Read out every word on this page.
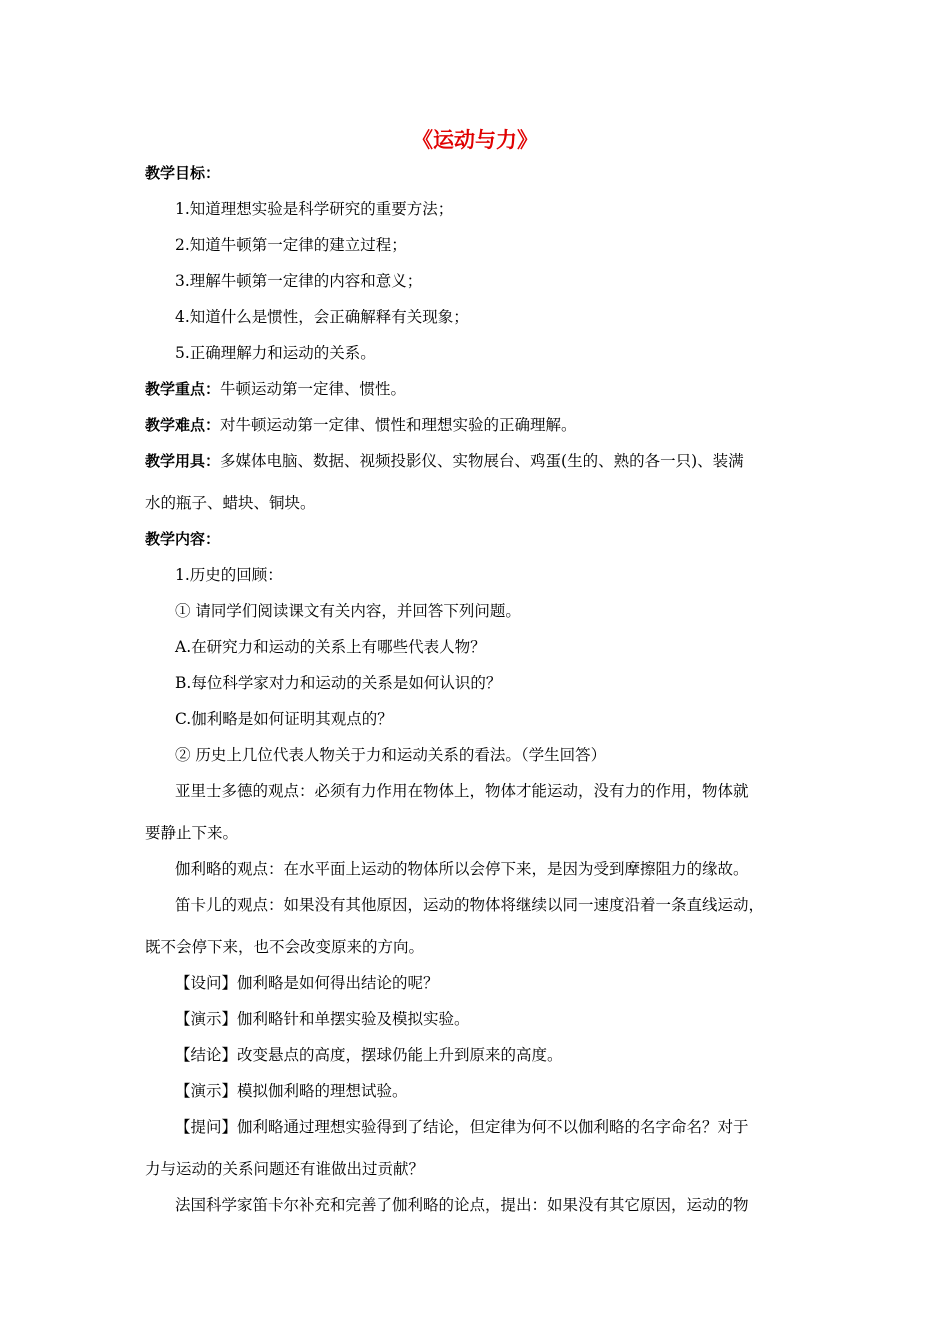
《运动与力》
教学目标：
1.知道理想实验是科学研究的重要方法；
2.知道牛顿第一定律的建立过程；
3.理解牛顿第一定律的内容和意义；
4.知道什么是惯性，会正确解释有关现象；
5.正确理解力和运动的关系。
教学重点：牛顿运动第一定律、惯性。
教学难点：对牛顿运动第一定律、惯性和理想实验的正确理解。
教学用具：多媒体电脑、数据、视频投影仪、实物展台、鸡蛋(生的、熟的各一只)、装满
水的瓶子、蜡块、铜块。
教学内容：
1.历史的回顾：
① 请同学们阅读课文有关内容，并回答下列问题。
A.在研究力和运动的关系上有哪些代表人物？
B.每位科学家对力和运动的关系是如何认识的？
C.伽利略是如何证明其观点的？
② 历史上几位代表人物关于力和运动关系的看法。（学生回答）
亚里士多德的观点：必须有力作用在物体上，物体才能运动，没有力的作用，物体就
要静止下来。
伽利略的观点：在水平面上运动的物体所以会停下来，是因为受到摩擦阻力的缘故。
笛卡儿的观点：如果没有其他原因，运动的物体将继续以同一速度沿着一条直线运动，
既不会停下来，也不会改变原来的方向。
【设问】伽利略是如何得出结论的呢？
【演示】伽利略针和单摆实验及模拟实验。
【结论】改变悬点的高度，摆球仍能上升到原来的高度。
【演示】模拟伽利略的理想试验。
【提问】伽利略通过理想实验得到了结论，但定律为何不以伽利略的名字命名？对于
力与运动的关系问题还有谁做出过贡献？
法国科学家笛卡尔补充和完善了伽利略的论点，提出：如果没有其它原因，运动的物
